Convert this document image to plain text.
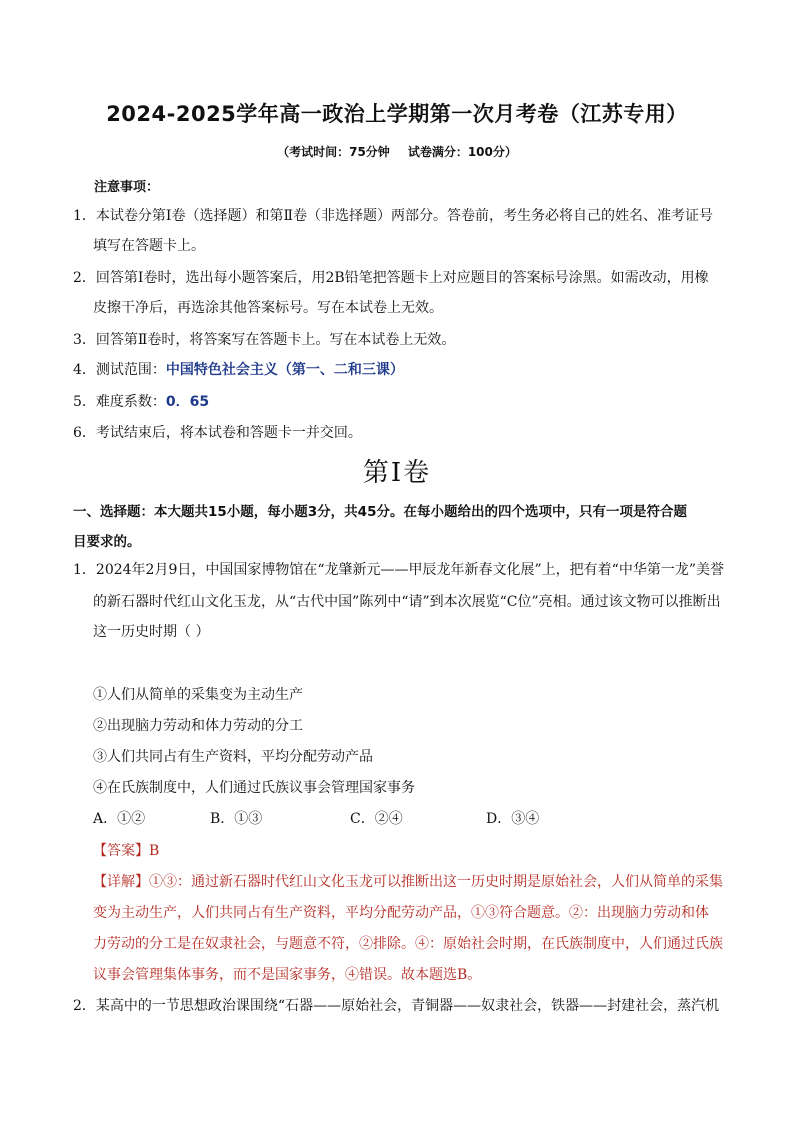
2024-2025学年高一政治上学期第一次月考卷（江苏专用）
（考试时间：75分钟 试卷满分：100分）
注意事项：
1．本试卷分第Ⅰ卷（选择题）和第Ⅱ卷（非选择题）两部分。答卷前，考生务必将自己的姓名、准考证号
填写在答题卡上。
2．回答第Ⅰ卷时，选出每小题答案后，用2B铅笔把答题卡上对应题目的答案标号涂黑。如需改动，用橡
皮擦干净后，再选涂其他答案标号。写在本试卷上无效。
3．回答第Ⅱ卷时，将答案写在答题卡上。写在本试卷上无效。
4．测试范围：中国特色社会主义（第一、二和三课）
5．难度系数：0．65
6．考试结束后，将本试卷和答题卡一并交回。
第Ⅰ卷
一、选择题：本大题共15小题，每小题3分，共45分。在每小题给出的四个选项中，只有一项是符合题
目要求的。
1．2024年2月9日，中国国家博物馆在“龙肇新元——甲辰龙年新春文化展”上，把有着“中华第一龙”美誉
的新石器时代红山文化玉龙，从“古代中国”陈列中“请”到本次展览“C位”亮相。通过该文物可以推断出
这一历史时期（ ）
①人们从简单的采集变为主动生产
②出现脑力劳动和体力劳动的分工
③人们共同占有生产资料，平均分配劳动产品
④在氏族制度中，人们通过氏族议事会管理国家事务
A．①②	B．①③	C．②④	D．③④
【答案】B
【详解】①③：通过新石器时代红山文化玉龙可以推断出这一历史时期是原始社会，人们从简单的采集
变为主动生产，人们共同占有生产资料，平均分配劳动产品，①③符合题意。②：出现脑力劳动和体
力劳动的分工是在奴隶社会，与题意不符，②排除。④：原始社会时期，在氏族制度中，人们通过氏族
议事会管理集体事务，而不是国家事务，④错误。故本题选B。
2．某高中的一节思想政治课围绕“石器——原始社会，青铜器——奴隶社会，铁器——封建社会，蒸汽机
